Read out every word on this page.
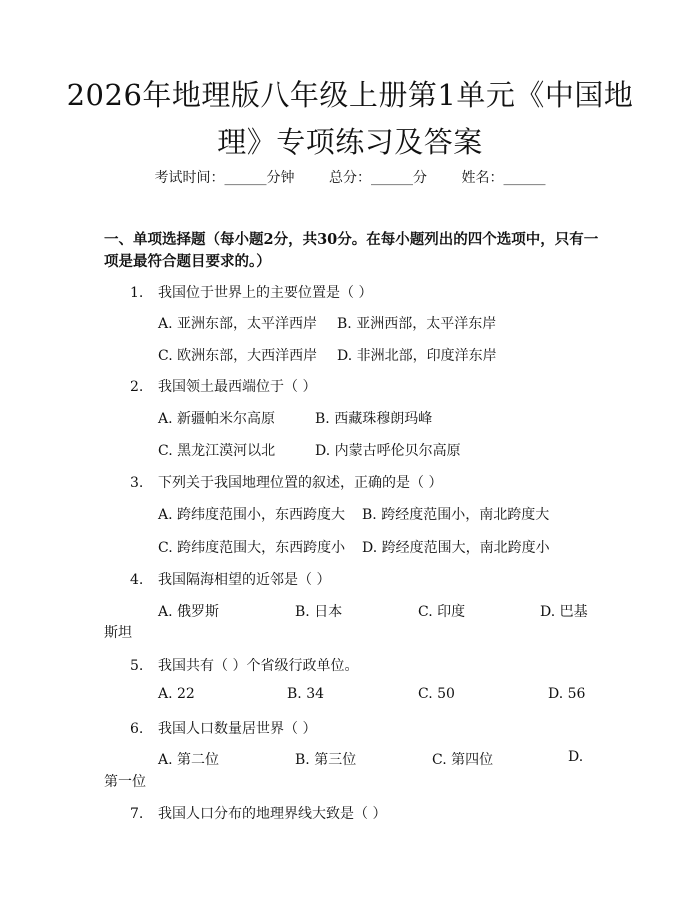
2026年地理版八年级上册第1单元《中国地理》专项练习及答案
考试时间：______分钟 总分：______分 姓名：______
一、单项选择题（每小题2分，共30分。在每小题列出的四个选项中，只有一项是最符合题目要求的。）
1. 我国位于世界上的主要位置是（ ）
A. 亚洲东部，太平洋西岸 B. 亚洲西部，太平洋东岸
C. 欧洲东部，大西洋西岸 D. 非洲北部，印度洋东岸
2. 我国领土最西端位于（ ）
A. 新疆帕米尔高原	B. 西藏珠穆朗玛峰
C. 黑龙江漠河以北	D. 内蒙古呼伦贝尔高原
3. 下列关于我国地理位置的叙述，正确的是（ ）
A. 跨纬度范围小，东西跨度大 B. 跨经度范围小，南北跨度大
C. 跨纬度范围大，东西跨度小 D. 跨经度范围大，南北跨度小
4. 我国隔海相望的近邻是（ ）
A. 俄罗斯	B. 日本	C. 印度	D. 巴基
斯坦
5. 我国共有（ ）个省级行政单位。
A. 22	B. 34	C. 50	D. 56
6. 我国人口数量居世界（ ）
A. 第二位	B. 第三位	C. 第四位	D.
第一位
7. 我国人口分布的地理界线大致是（ ）
